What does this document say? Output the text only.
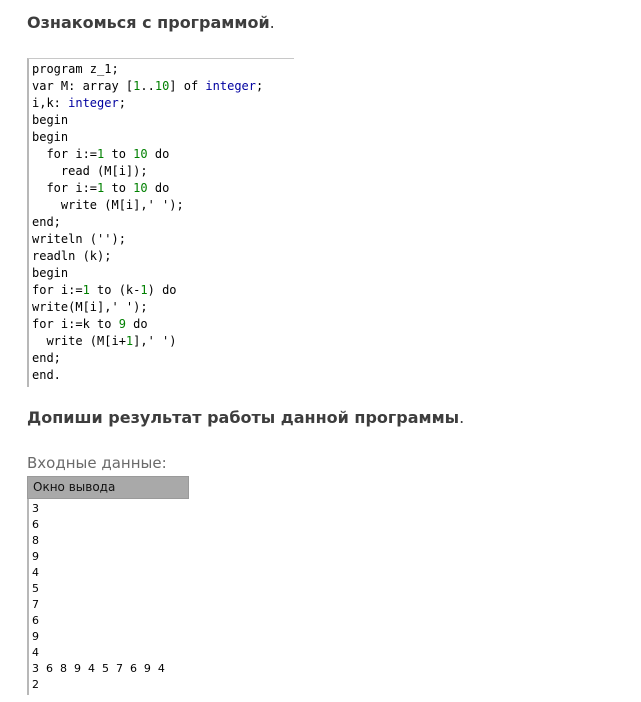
Ознакомься с программой.
program z_1;
var M: array [1..10] of integer;
i,k: integer;
begin
begin
for i:=1 to 10 do
read (M[i]);
for i:=1 to 10 do
write (M[i],' ');
end;
writeln ('');
readln (k);
begin
for i:=1 to (k-1) do
write(M[i],' ');
for i:=k to 9 do
write (M[i+1],' ')
end;
end.
Допиши результат работы данной программы.
Входные данные:
Окно вывода
3
6
8
9
4
5
7
6
9
4
3  6  8  9  4  5  7  6  9  4
2
